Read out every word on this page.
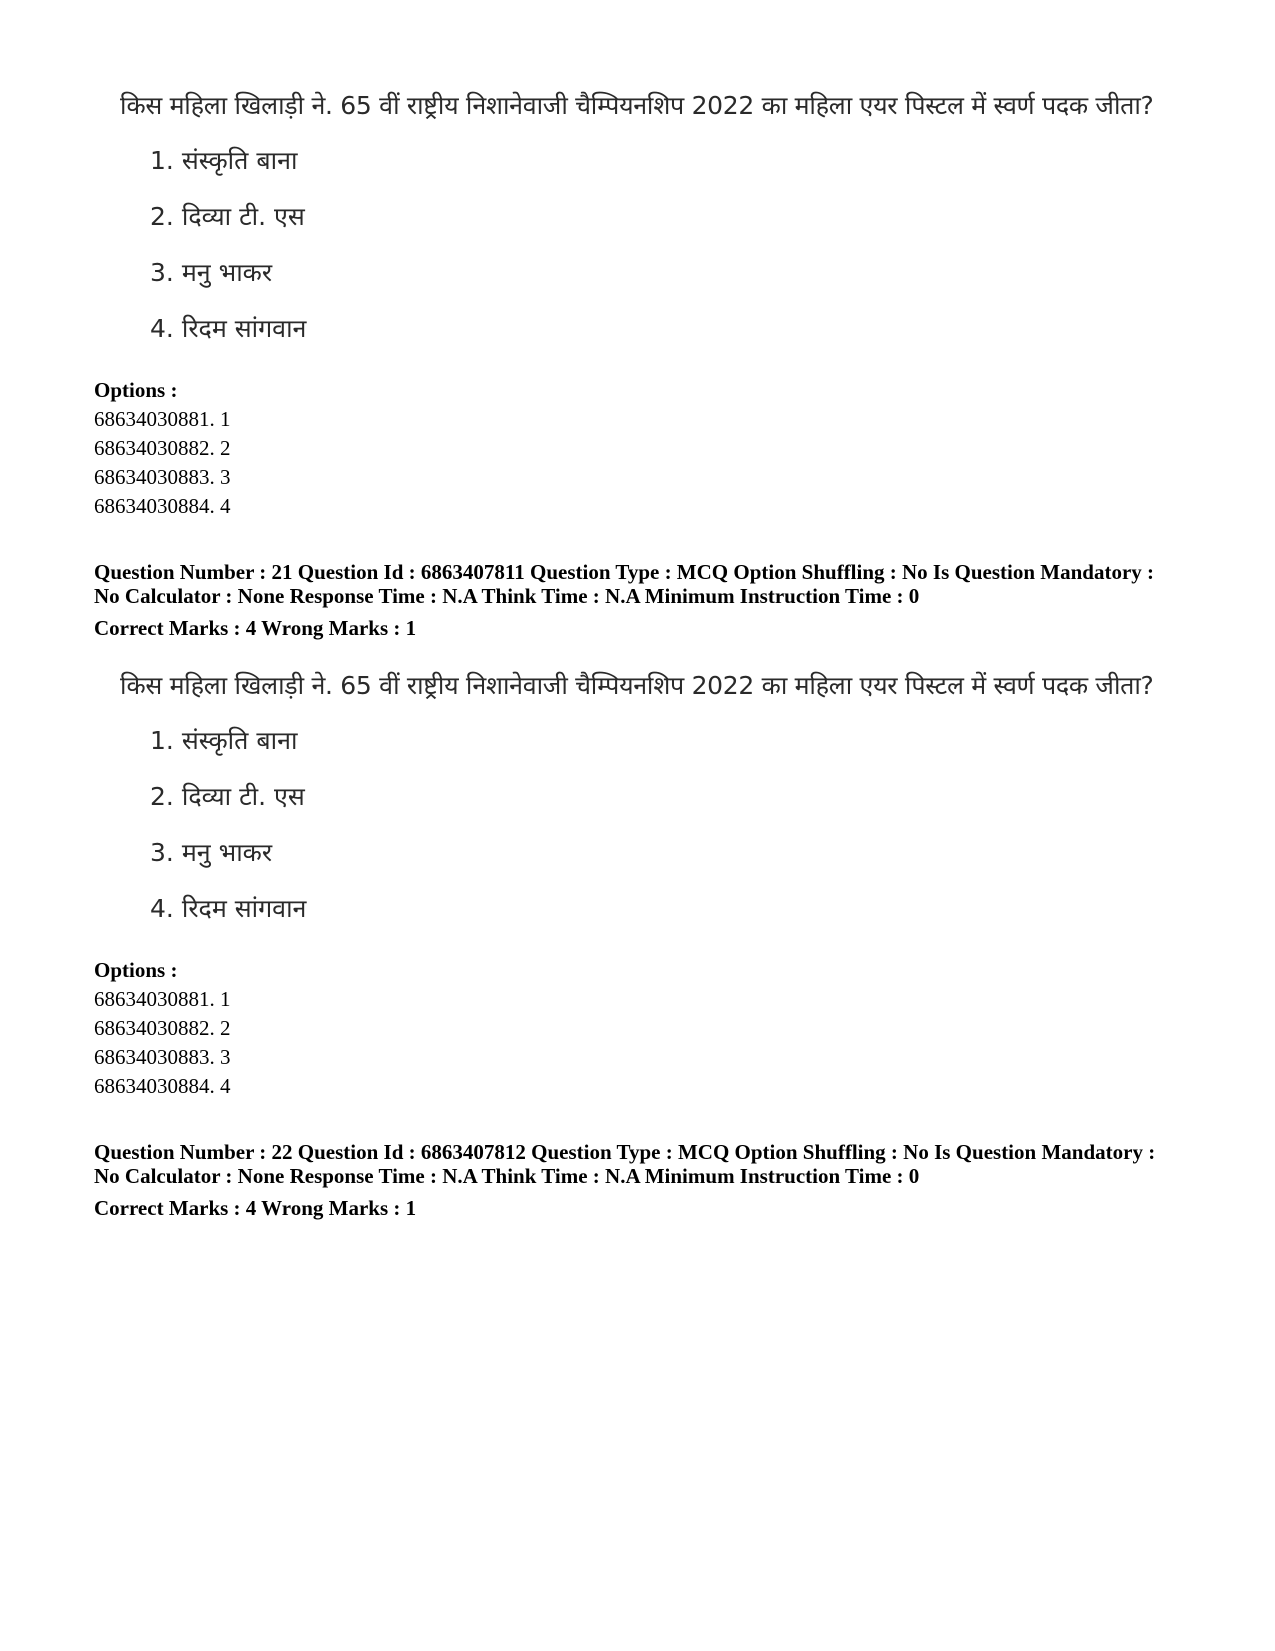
किस महिला खिलाड़ी ने. 65 वीं राष्ट्रीय निशानेवाजी चैम्पियनशिप 2022 का महिला एयर पिस्टल में स्वर्ण पदक जीता?
1. संस्कृति बाना
2. दिव्या टी. एस
3. मनु भाकर
4. रिदम सांगवान
Options :
68634030881. 1
68634030882. 2
68634030883. 3
68634030884. 4
Question Number : 21 Question Id : 6863407811 Question Type : MCQ Option Shuffling : No Is Question Mandatory :
No Calculator : None Response Time : N.A Think Time : N.A Minimum Instruction Time : 0
Correct Marks : 4 Wrong Marks : 1
किस महिला खिलाड़ी ने. 65 वीं राष्ट्रीय निशानेवाजी चैम्पियनशिप 2022 का महिला एयर पिस्टल में स्वर्ण पदक जीता?
1. संस्कृति बाना
2. दिव्या टी. एस
3. मनु भाकर
4. रिदम सांगवान
Options :
68634030881. 1
68634030882. 2
68634030883. 3
68634030884. 4
Question Number : 22 Question Id : 6863407812 Question Type : MCQ Option Shuffling : No Is Question Mandatory :
No Calculator : None Response Time : N.A Think Time : N.A Minimum Instruction Time : 0
Correct Marks : 4 Wrong Marks : 1
